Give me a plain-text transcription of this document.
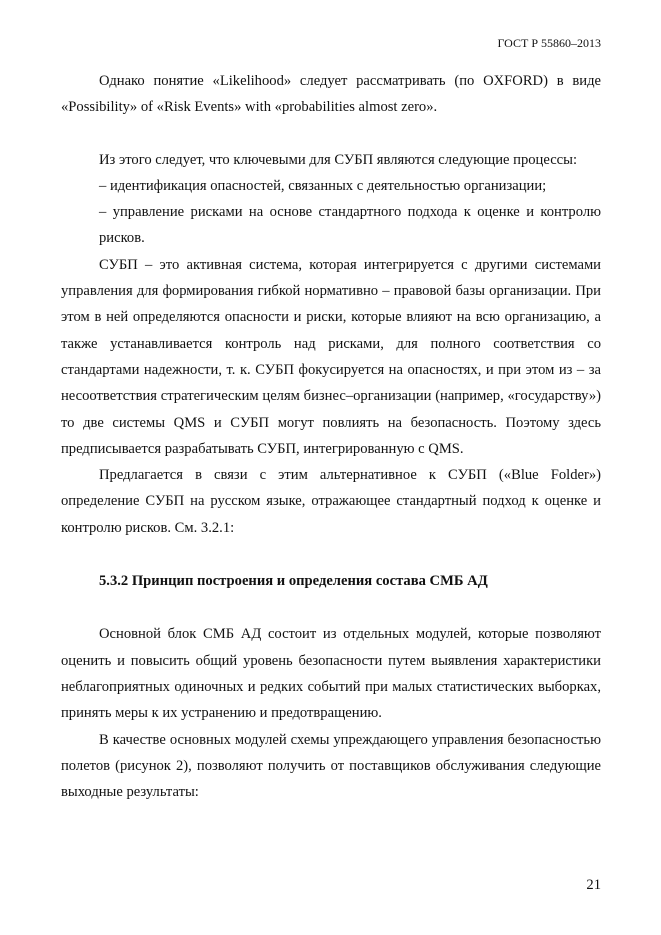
ГОСТ Р 55860–2013

Однако понятие «Likelihood» следует рассматривать (по OXFORD) в виде «Possibility» of «Risk Events» with «probabilities almost zero».

Из этого следует, что ключевыми для СУБП являются следующие процессы:

– идентификация опасностей, связанных с деятельностью организации;

– управление рисками на основе стандартного подхода к оценке и контролю рисков.

СУБП – это активная система, которая интегрируется с другими системами управления для формирования гибкой нормативно – правовой базы организации. При этом в ней определяются опасности и риски, которые влияют на всю организацию, а также устанавливается контроль над рисками, для полного соответствия со стандартами надежности, т. к. СУБП фокусируется на опасностях, и при этом из – за несоответствия стратегическим целям бизнес–организации (например, «государству») то две системы QMS и СУБП могут повлиять на безопасность. Поэтому здесь предписывается разрабатывать СУБП, интегрированную с QMS.

Предлагается в связи с этим альтернативное к СУБП («Blue Folder») определение СУБП на русском языке, отражающее стандартный подход к оценке и контролю рисков. См. 3.2.1:

5.3.2 Принцип построения и определения состава СМБ АД

Основной блок СМБ АД состоит из отдельных модулей, которые позволяют оценить и повысить общий уровень безопасности путем выявления характеристики неблагоприятных одиночных и редких событий при малых статистических выборках, принять меры к их устранению и предотвращению.

В качестве основных модулей схемы упреждающего управления безопасностью полетов (рисунок 2), позволяют получить от поставщиков обслуживания следующие выходные результаты:

21
